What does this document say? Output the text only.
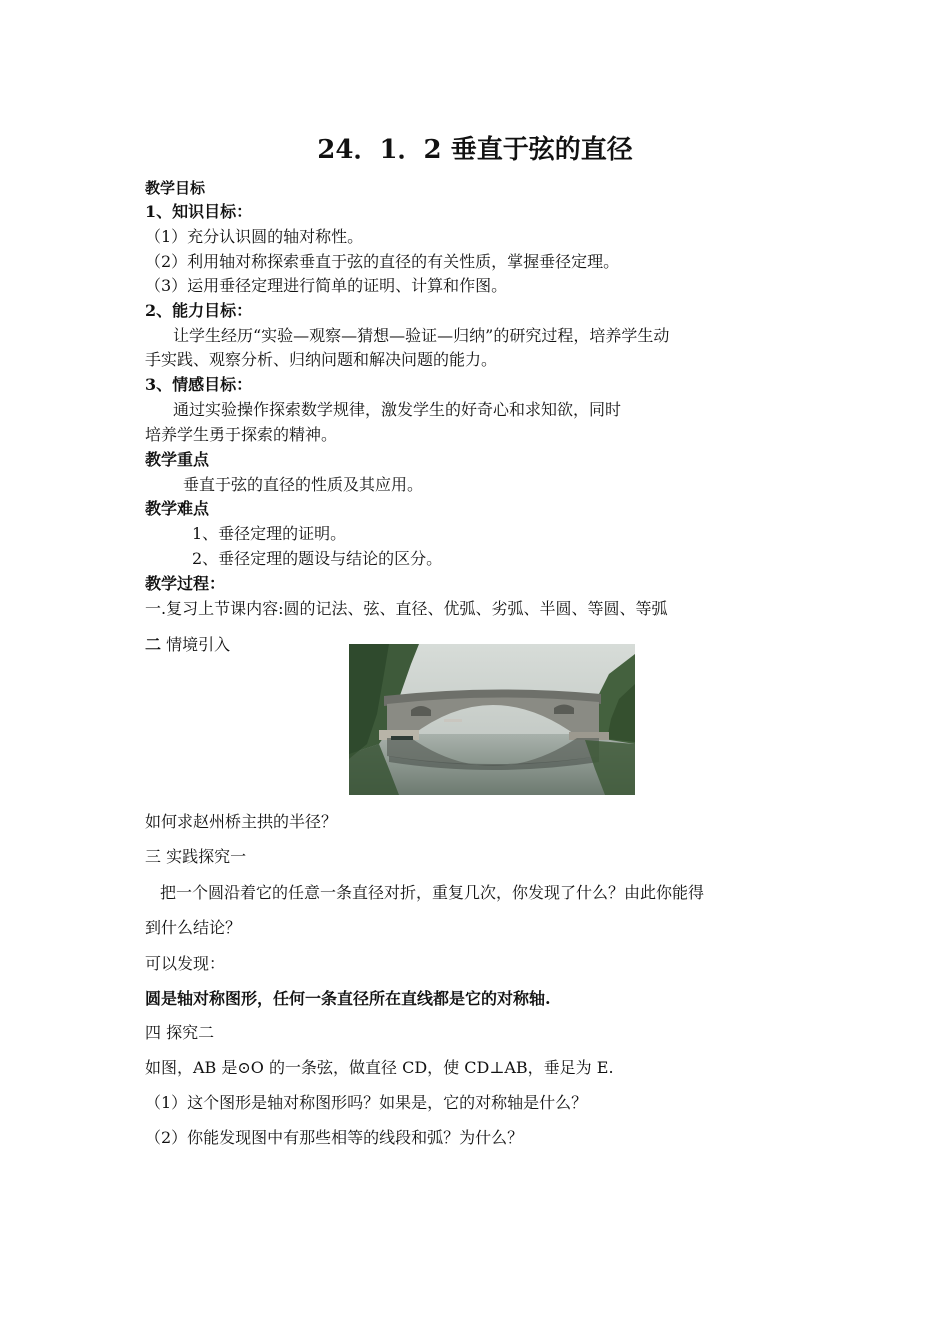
24．1．2 垂直于弦的直径
教学目标
1、知识目标：
（1）充分认识圆的轴对称性。
（2）利用轴对称探索垂直于弦的直径的有关性质，掌握垂径定理。
（3）运用垂径定理进行简单的证明、计算和作图。
2、能力目标：
让学生经历“实验—观察—猜想—验证—归纳”的研究过程，培养学生动
手实践、观察分析、归纳问题和解决问题的能力。
3、情感目标：
通过实验操作探索数学规律，激发学生的好奇心和求知欲，同时
培养学生勇于探索的精神。
教学重点
垂直于弦的直径的性质及其应用。
教学难点
1、垂径定理的证明。
2、垂径定理的题设与结论的区分。
教学过程：
一.复习上节课内容:圆的记法、弦、直径、优弧、劣弧、半圆、等圆、等弧
二 情境引入
如何求赵州桥主拱的半径？
三 实践探究一
把一个圆沿着它的任意一条直径对折，重复几次，你发现了什么？由此你能得
到什么结论？
可以发现：
圆是轴对称图形，任何一条直径所在直线都是它的对称轴.
四 探究二
如图，AB 是⊙O 的一条弦，做直径 CD，使 CD⊥AB，垂足为 E.
（1）这个图形是轴对称图形吗？如果是，它的对称轴是什么？
（2）你能发现图中有那些相等的线段和弧？为什么？
